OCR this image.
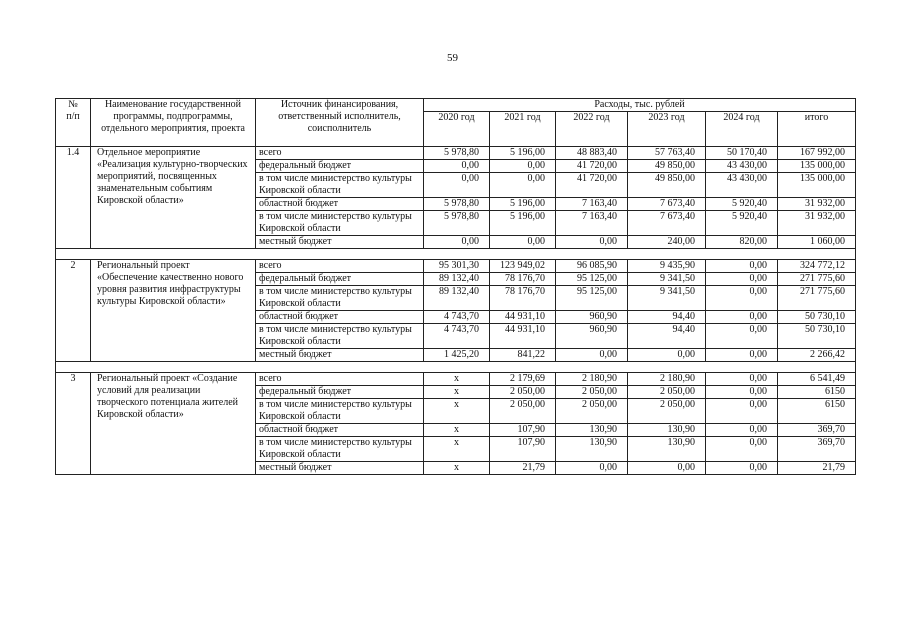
59
№
п/п	Наименование государственной программы, подпрограммы, отдельного мероприятия, проекта	Источник финансирования, ответственный исполнитель, соисполнитель	Расходы, тыс. рублей					
			2020 год	2021 год	2022 год	2023 год	2024 год	итого
1.4	Отдельное мероприятие «Реализация культурно-творческих мероприятий, посвященных знаменательным событиям Кировской области»	всего	5 978,80	5 196,00	48 883,40	57 763,40	50 170,40	167 992,00
		федеральный бюджет	0,00	0,00	41 720,00	49 850,00	43 430,00	135 000,00
		в том числе министерство культуры Кировской области	0,00	0,00	41 720,00	49 850,00	43 430,00	135 000,00
		областной бюджет	5 978,80	5 196,00	7 163,40	7 673,40	5 920,40	31 932,00
		в том числе министерство культуры Кировской области	5 978,80	5 196,00	7 163,40	7 673,40	5 920,40	31 932,00
		местный бюджет	0,00	0,00	0,00	240,00	820,00	1 060,00

2	Региональный проект «Обеспечение качественно нового уровня развития инфраструктуры культуры Кировской области»	всего	95 301,30	123 949,02	96 085,90	9 435,90	0,00	324 772,12
		федеральный бюджет	89 132,40	78 176,70	95 125,00	9 341,50	0,00	271 775,60
		в том числе министерство культуры Кировской области	89 132,40	78 176,70	95 125,00	9 341,50	0,00	271 775,60
		областной бюджет	4 743,70	44 931,10	960,90	94,40	0,00	50 730,10
		в том числе министерство культуры Кировской области	4 743,70	44 931,10	960,90	94,40	0,00	50 730,10
		местный бюджет	1 425,20	841,22	0,00	0,00	0,00	2 266,42

3	Региональный проект «Создание условий для реализации творческого потенциала жителей Кировской области»	всего	х	2 179,69	2 180,90	2 180,90	0,00	6 541,49
		федеральный бюджет	х	2 050,00	2 050,00	2 050,00	0,00	6150
		в том числе министерство культуры Кировской области	х	2 050,00	2 050,00	2 050,00	0,00	6150
		областной бюджет	х	107,90	130,90	130,90	0,00	369,70
		в том числе министерство культуры Кировской области	х	107,90	130,90	130,90	0,00	369,70
		местный бюджет	х	21,79	0,00	0,00	0,00	21,79
